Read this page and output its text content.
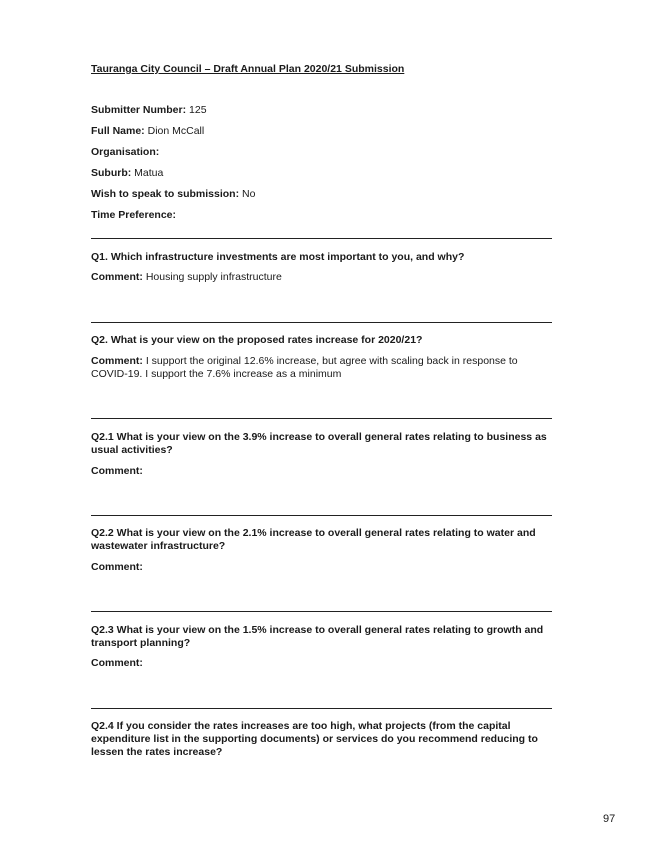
Tauranga City Council – Draft Annual Plan 2020/21 Submission
Submitter Number: 125
Full Name: Dion McCall
Organisation:
Suburb: Matua
Wish to speak to submission: No
Time Preference:
Q1. Which infrastructure investments are most important to you, and why?
Comment: Housing supply infrastructure
Q2. What is your view on the proposed rates increase for 2020/21?
Comment: I support the original 12.6% increase, but agree with scaling back in response to COVID-19. I support the 7.6% increase as a minimum
Q2.1 What is your view on the 3.9% increase to overall general rates relating to business as usual activities?
Comment:
Q2.2 What is your view on the 2.1% increase to overall general rates relating to water and wastewater infrastructure?
Comment:
Q2.3 What is your view on the 1.5% increase to overall general rates relating to growth and transport planning?
Comment:
Q2.4 If you consider the rates increases are too high, what projects (from the capital expenditure list in the supporting documents) or services do you recommend reducing to lessen the rates increase?
97
